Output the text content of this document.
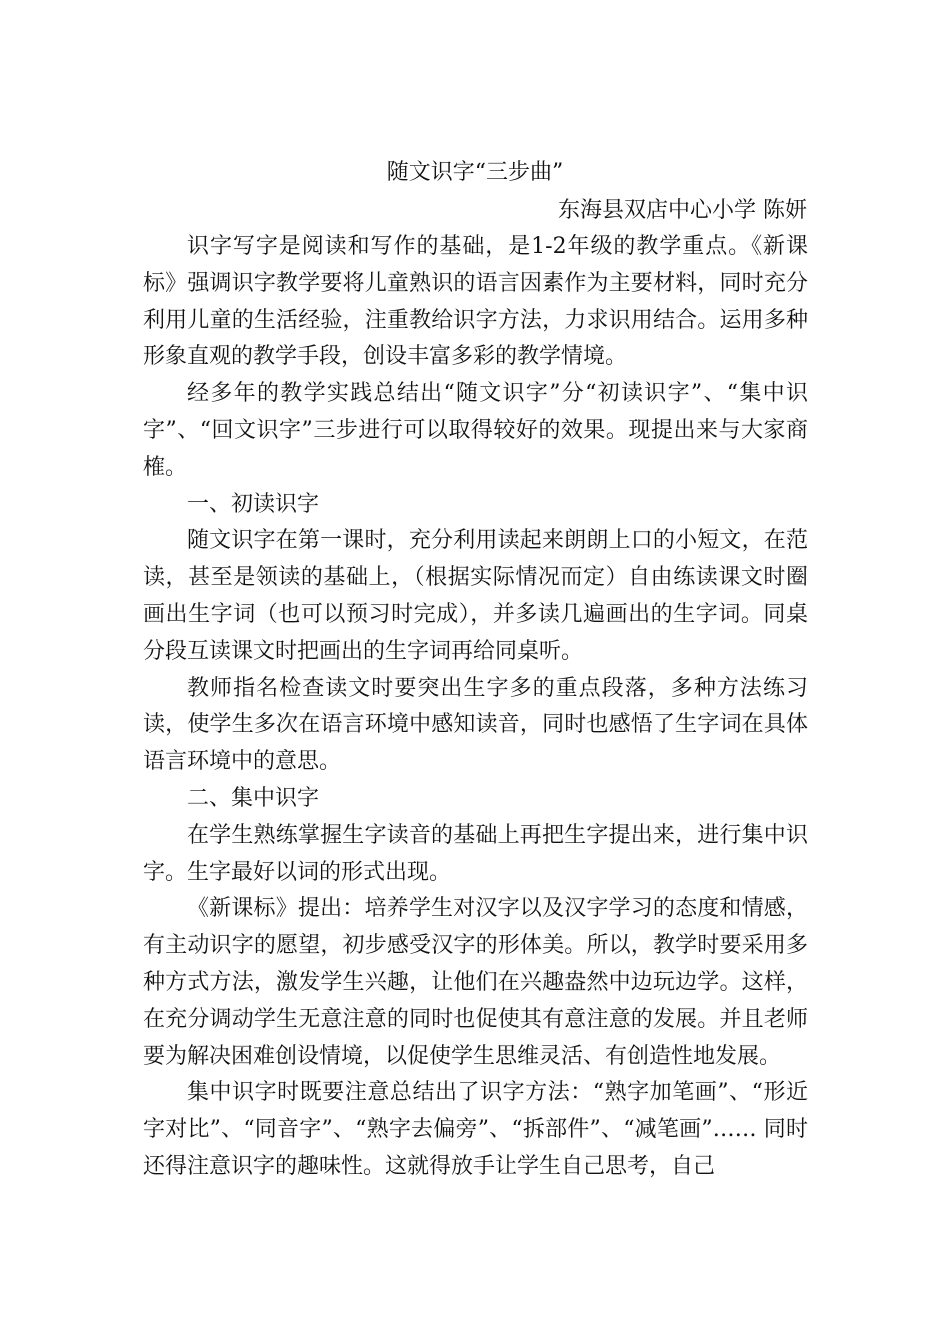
随文识字“三步曲”
东海县双店中心小学 陈妍

识字写字是阅读和写作的基础，是1-2年级的教学重点。《新课标》强调识字教学要将儿童熟识的语言因素作为主要材料，同时充分利用儿童的生活经验，注重教给识字方法，力求识用结合。运用多种形象直观的教学手段，创设丰富多彩的教学情境。

经多年的教学实践总结出“随文识字”分“初读识字”、“集中识字”、“回文识字”三步进行可以取得较好的效果。现提出来与大家商榷。

一、初读识字

随文识字在第一课时，充分利用读起来朗朗上口的小短文，在范读，甚至是领读的基础上，（根据实际情况而定）自由练读课文时圈画出生字词（也可以预习时完成），并多读几遍画出的生字词。同桌分段互读课文时把画出的生字词再给同桌听。

教师指名检查读文时要突出生字多的重点段落，多种方法练习读，使学生多次在语言环境中感知读音，同时也感悟了生字词在具体语言环境中的意思。

二、集中识字

在学生熟练掌握生字读音的基础上再把生字提出来，进行集中识字。生字最好以词的形式出现。

《新课标》提出：培养学生对汉字以及汉字学习的态度和情感，有主动识字的愿望，初步感受汉字的形体美。所以，教学时要采用多种方式方法，激发学生兴趣，让他们在兴趣盎然中边玩边学。这样，在充分调动学生无意注意的同时也促使其有意注意的发展。并且老师要为解决困难创设情境，以促使学生思维灵活、有创造性地发展。

集中识字时既要注意总结出了识字方法：“熟字加笔画”、“形近字对比”、“同音字”、“熟字去偏旁”、“拆部件”、“减笔画”…… 同时还得注意识字的趣味性。这就得放手让学生自己思考，自己
